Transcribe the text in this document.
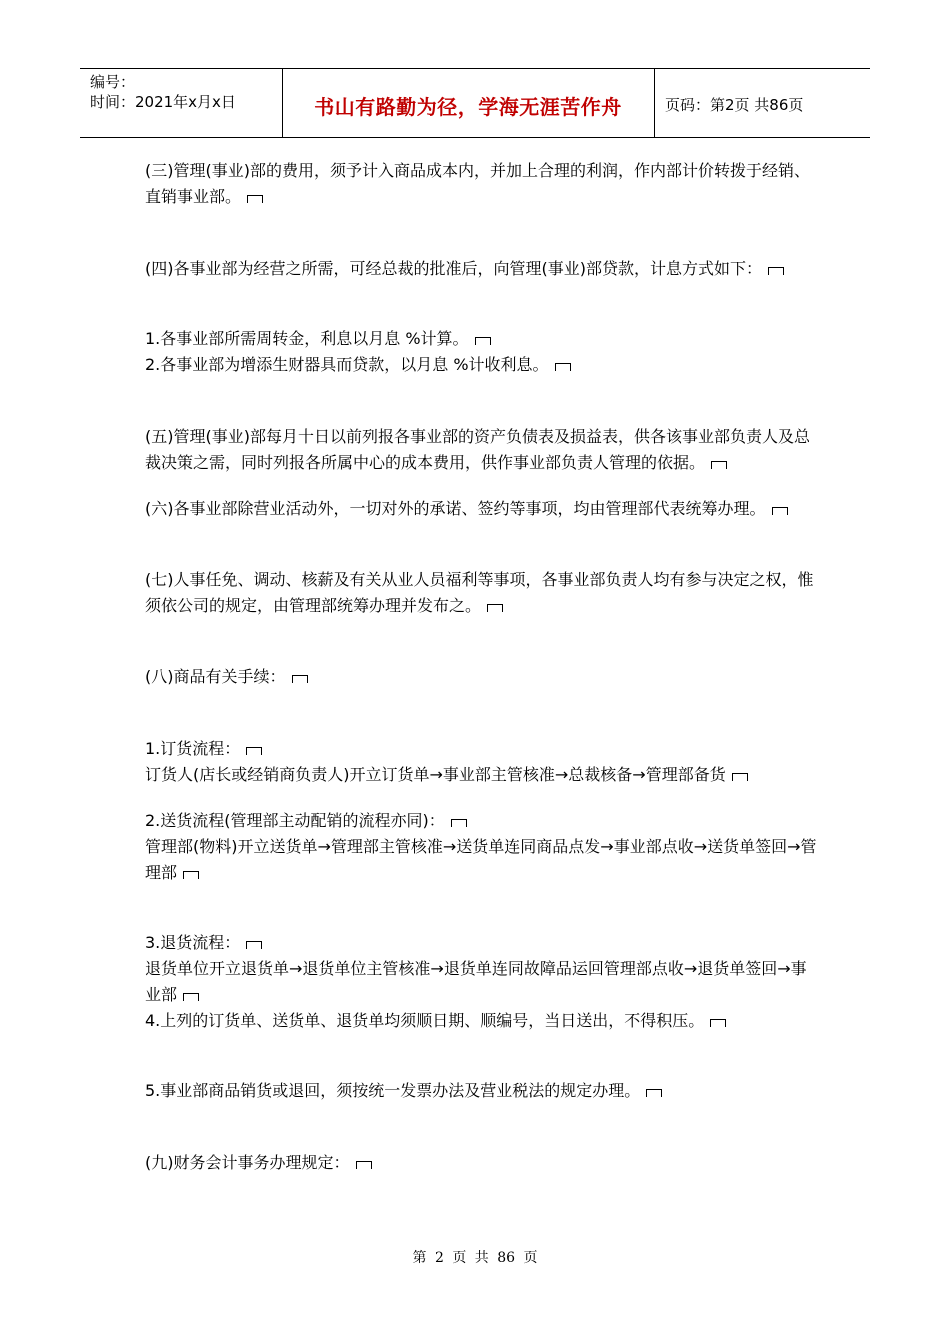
编号：
时间：2021年x月x日	书山有路勤为径，学海无涯苦作舟	页码：第2页 共86页
(三)管理(事业)部的费用，须予计入商品成本内，并加上合理的利润，作内部计价转拨于经销、直销事业部。
(四)各事业部为经营之所需，可经总裁的批准后，向管理(事业)部贷款，计息方式如下：
1.各事业部所需周转金，利息以月息 %计算。
2.各事业部为增添生财器具而贷款，以月息 %计收利息。
(五)管理(事业)部每月十日以前列报各事业部的资产负债表及损益表，供各该事业部负责人及总裁决策之需，同时列报各所属中心的成本费用，供作事业部负责人管理的依据。
(六)各事业部除营业活动外，一切对外的承诺、签约等事项，均由管理部代表统筹办理。
(七)人事任免、调动、核薪及有关从业人员福利等事项，各事业部负责人均有参与决定之权，惟须依公司的规定，由管理部统筹办理并发布之。
(八)商品有关手续：
1.订货流程：
订货人(店长或经销商负责人)开立订货单→事业部主管核准→总裁核备→管理部备货
2.送货流程(管理部主动配销的流程亦同)：
管理部(物料)开立送货单→管理部主管核准→送货单连同商品点发→事业部点收→送货单签回→管理部
3.退货流程：
退货单位开立退货单→退货单位主管核准→退货单连同故障品运回管理部点收→退货单签回→事业部
4.上列的订货单、送货单、退货单均须顺日期、顺编号，当日送出，不得积压。
5.事业部商品销货或退回，须按统一发票办法及营业税法的规定办理。
(九)财务会计事务办理规定：
第 2 页 共 86 页
